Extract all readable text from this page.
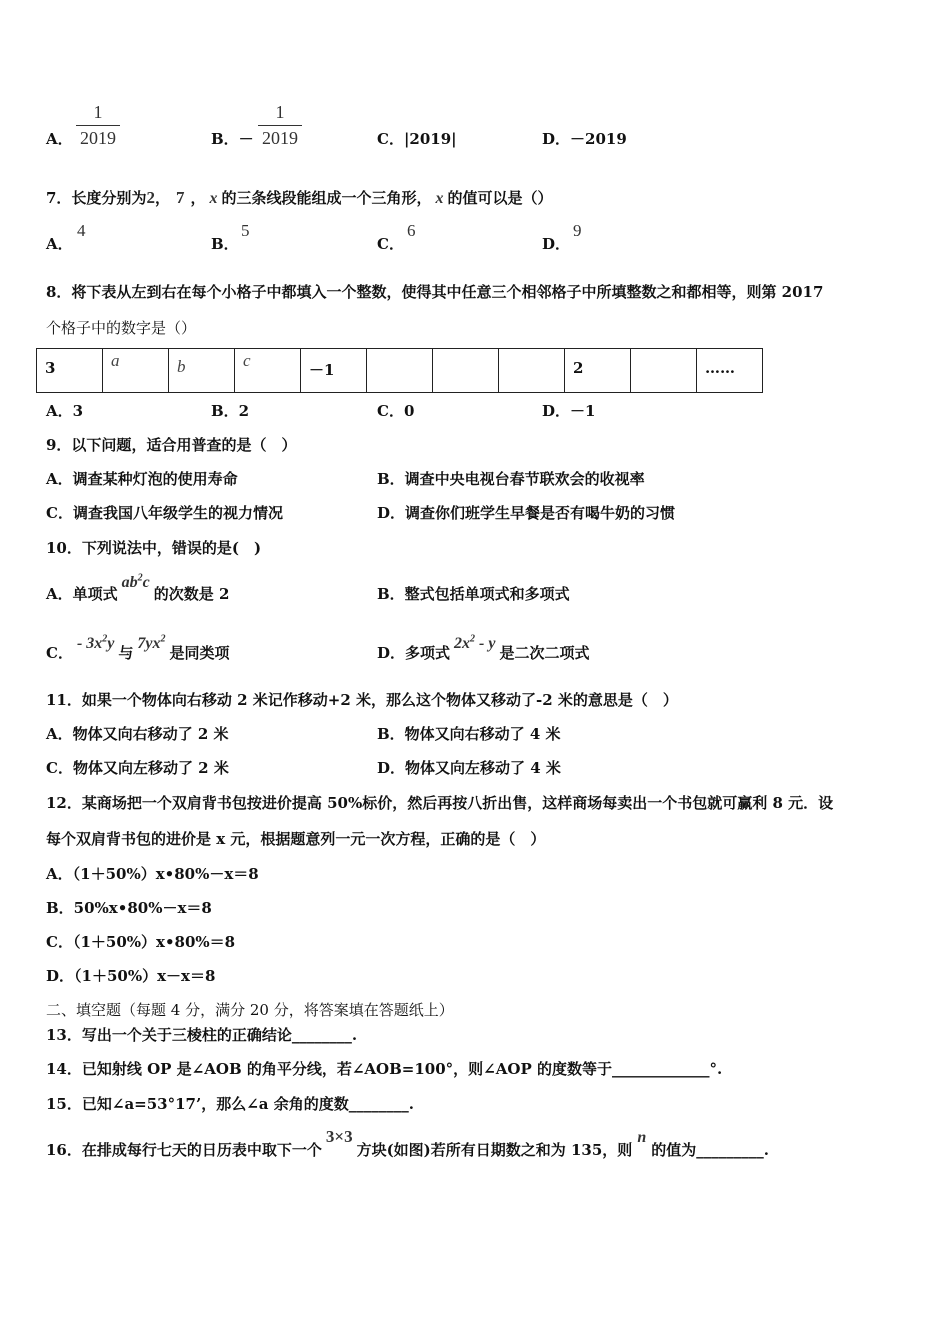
A．
1
2019	B．－
1
2019	C．|2019|	D．－2019
7．长度分别为2， 7 ， x 的三条线段能组成一个三角形， x 的值可以是（）
A．
4
B．
5
C．
6
D．
9
8．将下表从左到右在每个小格子中都填入一个整数，使得其中任意三个相邻格子中所填整数之和都相等，则第 2017
个格子中的数字是（）
3	a	b	c	－1				2		……
A．3	B．2	C．0	D．－1
9．以下问题，适合用普查的是（　）
A．调查某种灯泡的使用寿命	B．调查中央电视台春节联欢会的收视率
C．调查我国八年级学生的视力情况	D．调查你们班学生早餐是否有喝牛奶的习惯
10．下列说法中，错误的是(　)
A．单项式$ab^2c$的次数是 2	B．整式包括单项式和多项式
C．- $3x^2y$与$7yx^2$是同类项	D．多项式$2x^2$ - y是二次二项式
11．如果一个物体向右移动 2 米记作移动+2 米，那么这个物体又移动了-2 米的意思是（　）
A．物体又向右移动了 2 米	B．物体又向右移动了 4 米
C．物体又向左移动了 2 米	D．物体又向左移动了 4 米
12．某商场把一个双肩背书包按进价提高 50%标价，然后再按八折出售，这样商场每卖出一个书包就可赢利 8 元．设
每个双肩背书包的进价是 x 元，根据题意列一元一次方程，正确的是（　）
A．（1＋50%）x•80%－x＝8
B．50%x•80%－x＝8
C．（1＋50%）x•80%＝8
D．（1＋50%）x－x＝8
二、填空题（每题 4 分，满分 20 分，将答案填在答题纸上）
13．写出一个关于三棱柱的正确结论________.
14．已知射线 OP 是∠AOB 的角平分线，若∠AOB=100°，则∠AOP 的度数等于_____________°.
15．已知∠a=53°17’，那么∠a 余角的度数________.
16．在排成每行七天的日历表中取下一个3×3方块(如图)若所有日期数之和为 135，则n的值为_________.
